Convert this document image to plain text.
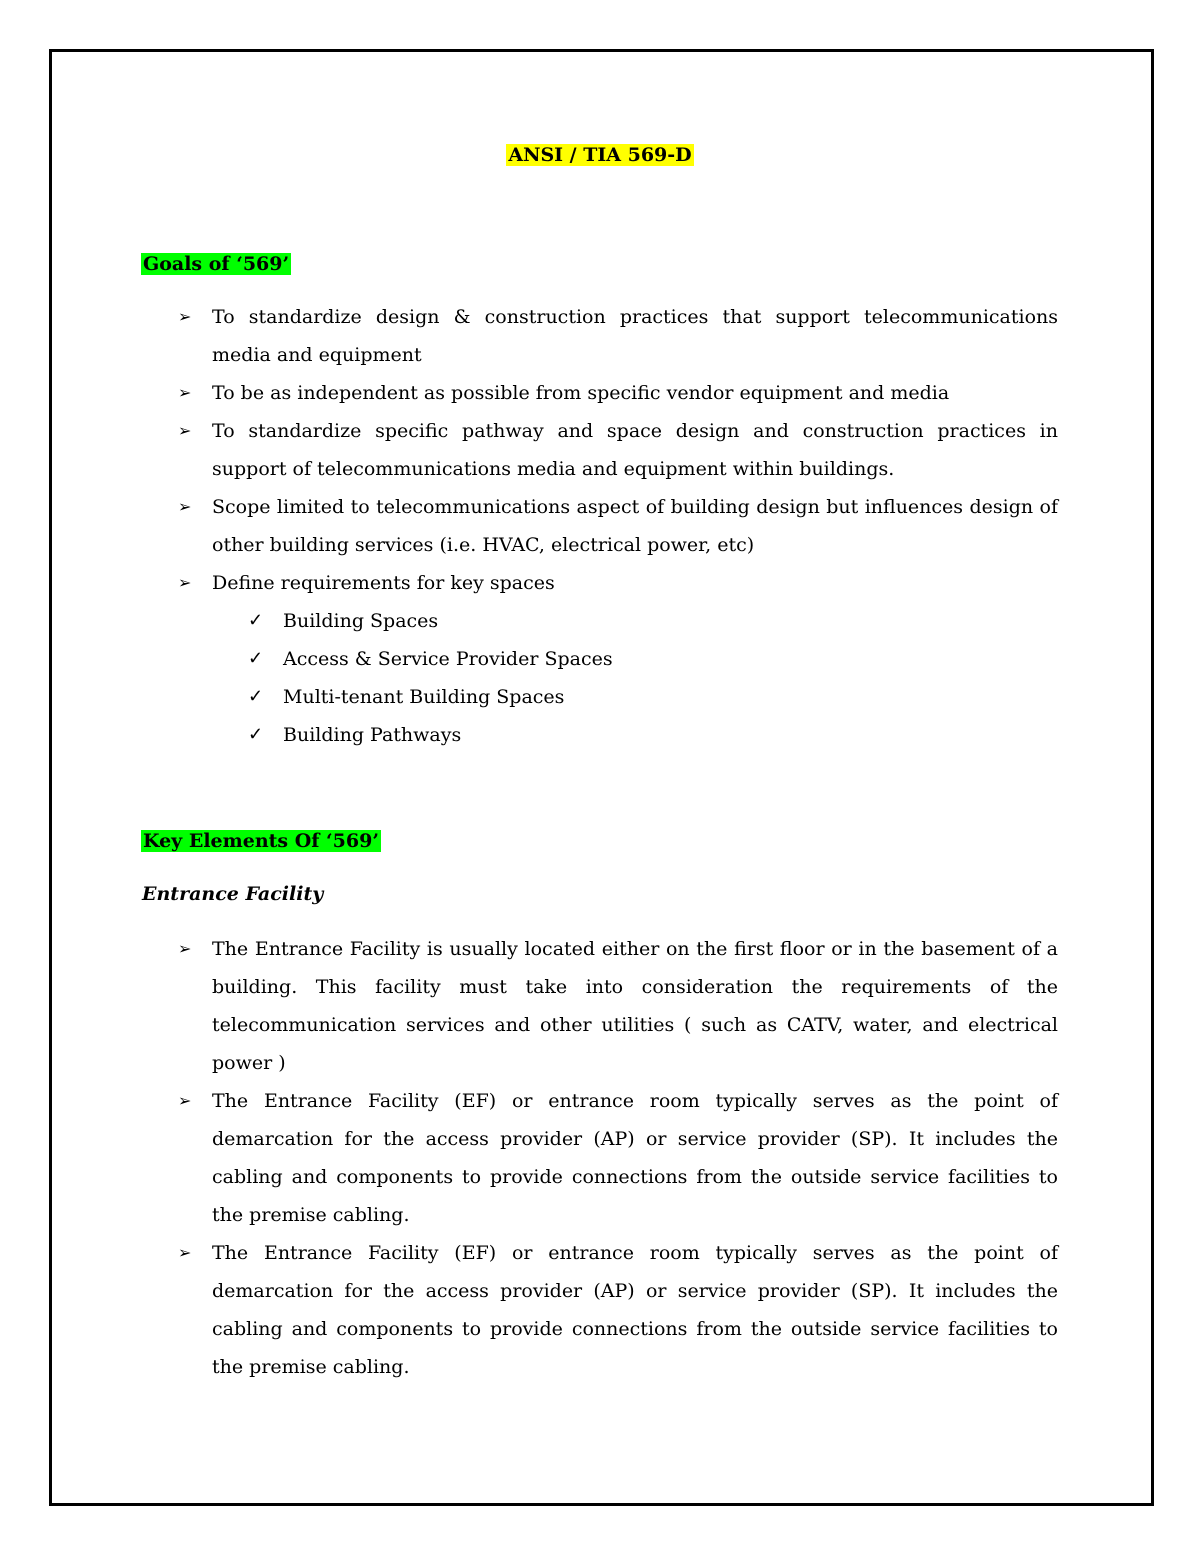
ANSI / TIA 569-D
Goals of ‘569’
➢ To standardize design & construction practices that support telecommunications media and equipment
➢ To be as independent as possible from specific vendor equipment and media
➢ To standardize specific pathway and space design and construction practices in support of telecommunications media and equipment within buildings.
➢ Scope limited to telecommunications aspect of building design but influences design of other building services (i.e. HVAC, electrical power, etc)
➢ Define requirements for key spaces
✓ Building Spaces
✓ Access & Service Provider Spaces
✓ Multi-tenant Building Spaces
✓ Building Pathways
Key Elements Of ‘569’
Entrance Facility
➢ The Entrance Facility is usually located either on the first floor or in the basement of a building. This facility must take into consideration the requirements of the telecommunication services and other utilities ( such as CATV, water, and electrical power )
➢ The Entrance Facility (EF) or entrance room typically serves as the point of demarcation for the access provider (AP) or service provider (SP). It includes the cabling and components to provide connections from the outside service facilities to the premise cabling.
➢ The Entrance Facility (EF) or entrance room typically serves as the point of demarcation for the access provider (AP) or service provider (SP). It includes the cabling and components to provide connections from the outside service facilities to the premise cabling.
